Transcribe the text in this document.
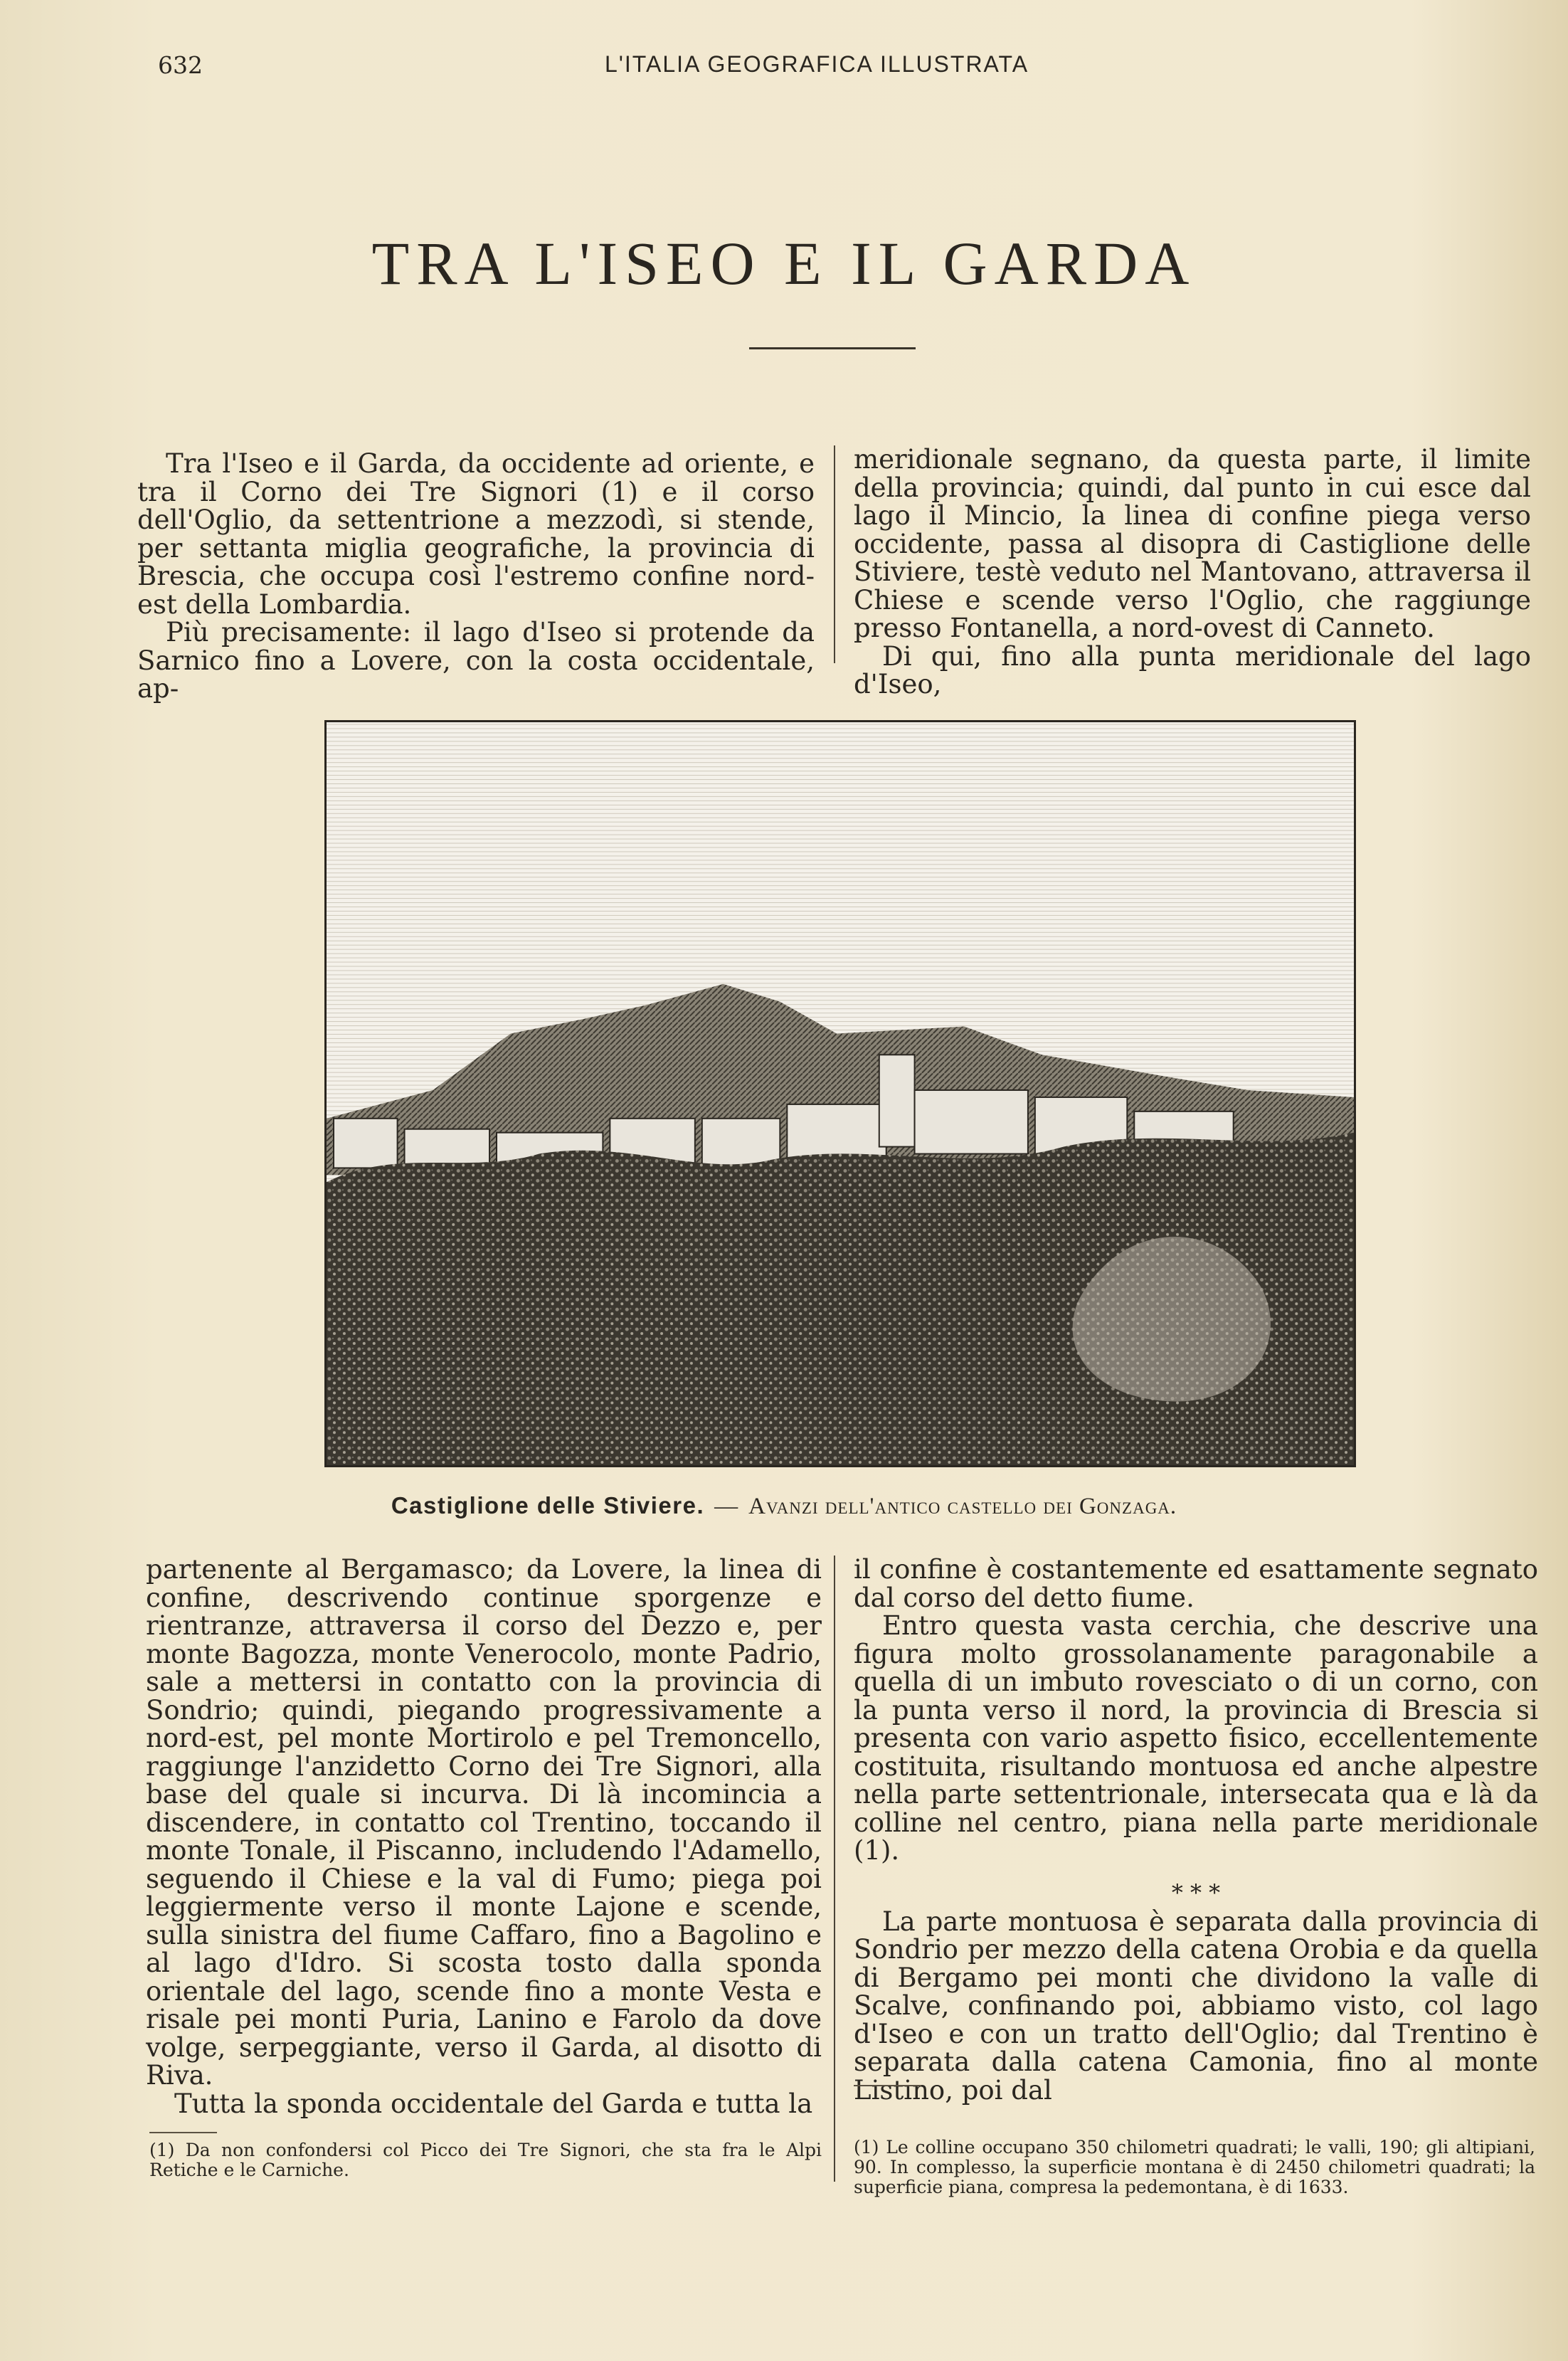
632	L'ITALIA GEOGRAFICA ILLUSTRATA
TRA L'ISEO E IL GARDA

Tra l'Iseo e il Garda, da occidente ad oriente, e tra il Corno dei Tre Signori (1) e il corso dell'Oglio, da settentrione a mezzodì, si stende, per settanta miglia geografiche, la provincia di Brescia, che occupa così l'estremo confine nord-est della Lombardia.

Più precisamente: il lago d'Iseo si protende da Sarnico fino a Lovere, con la costa occidentale, ap-

meridionale segnano, da questa parte, il limite della provincia; quindi, dal punto in cui esce dal lago il Mincio, la linea di confine piega verso occidente, passa al disopra di Castiglione delle Stiviere, testè veduto nel Mantovano, attraversa il Chiese e scende verso l'Oglio, che raggiunge presso Fontanella, a nord-ovest di Canneto.

Di qui, fino alla punta meridionale del lago d'Iseo,

Castiglione delle Stiviere. — Avanzi dell'antico castello dei Gonzaga.

partenente al Bergamasco; da Lovere, la linea di confine, descrivendo continue sporgenze e rientranze, attraversa il corso del Dezzo e, per monte Bagozza, monte Venerocolo, monte Padrio, sale a mettersi in contatto con la provincia di Sondrio; quindi, piegando progressivamente a nord-est, pel monte Mortirolo e pel Tremoncello, raggiunge l'anzidetto Corno dei Tre Signori, alla base del quale si incurva. Di là incomincia a discendere, in contatto col Trentino, toccando il monte Tonale, il Piscanno, includendo l'Adamello, seguendo il Chiese e la val di Fumo; piega poi leggiermente verso il monte Lajone e scende, sulla sinistra del fiume Caffaro, fino a Bagolino e al lago d'Idro. Si scosta tosto dalla sponda orientale del lago, scende fino a monte Vesta e risale pei monti Puria, Lanino e Farolo da dove volge, serpeggiante, verso il Garda, al disotto di Riva.

Tutta la sponda occidentale del Garda e tutta la

il confine è costantemente ed esattamente segnato dal corso del detto fiume.

Entro questa vasta cerchia, che descrive una figura molto grossolanamente paragonabile a quella di un imbuto rovesciato o di un corno, con la punta verso il nord, la provincia di Brescia si presenta con vario aspetto fisico, eccellentemente costituita, risultando montuosa ed anche alpestre nella parte settentrionale, intersecata qua e là da colline nel centro, piana nella parte meridionale (1).

* * *

La parte montuosa è separata dalla provincia di Sondrio per mezzo della catena Orobia e da quella di Bergamo pei monti che dividono la valle di Scalve, confinando poi, abbiamo visto, col lago d'Iseo e con un tratto dell'Oglio; dal Trentino è separata dalla catena Camonia, fino al monte Listino, poi dal

(1) Da non confondersi col Picco dei Tre Signori, che sta fra le Alpi Retiche e le Carniche.
(1) Le colline occupano 350 chilometri quadrati; le valli, 190; gli altipiani, 90. In complesso, la superficie montana è di 2450 chilometri quadrati; la superficie piana, compresa la pedemontana, è di 1633.
